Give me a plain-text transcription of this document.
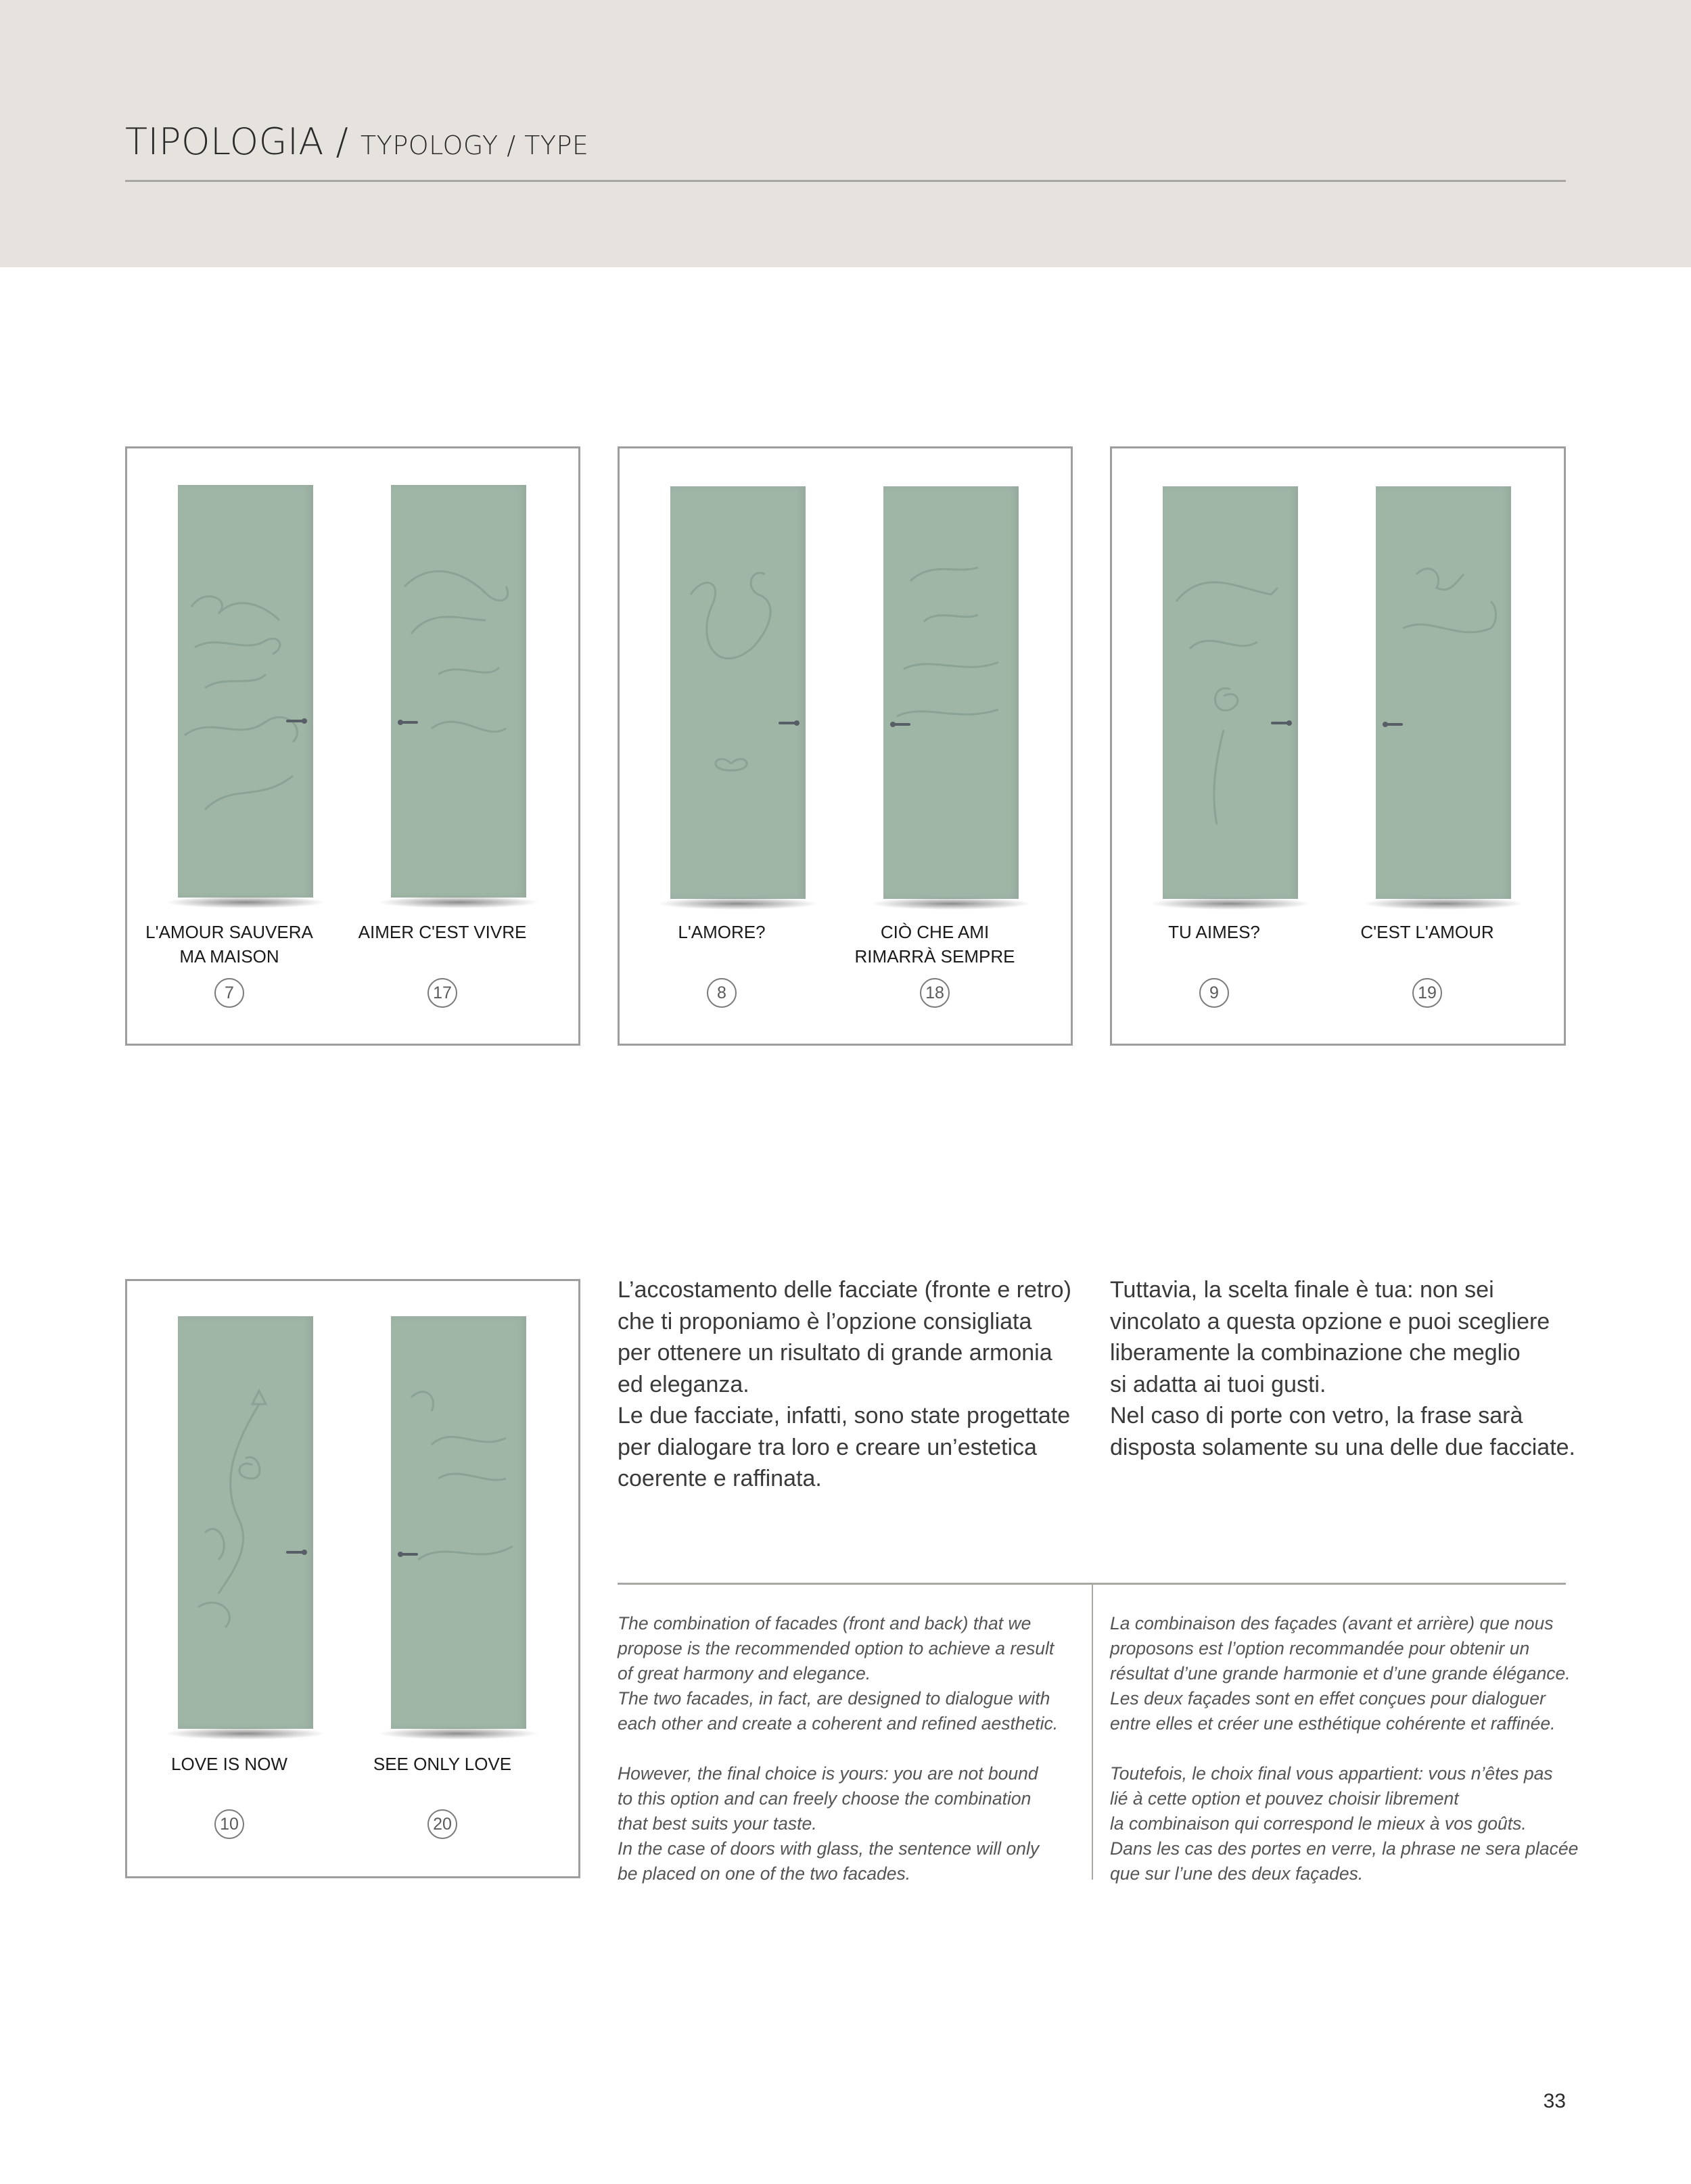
TIPOLOGIA / TYPOLOGY / TYPE
L'AMOUR SAUVERA
MA MAISON
AIMER C'EST VIVRE
7	17
L'AMORE?	CIÒ CHE AMI
RIMARRÀ SEMPRE
8	18
TU AIMES?	C'EST L'AMOUR
9	19
LOVE IS NOW	SEE ONLY LOVE
10	20

L’accostamento delle facciate (fronte e retro)

che ti proponiamo è l’opzione consigliata

per ottenere un risultato di grande armonia

ed eleganza.

Le due facciate, infatti, sono state progettate

per dialogare tra loro e creare un’estetica

coerente e raffinata.

Tuttavia, la scelta finale è tua: non sei

vincolato a questa opzione e puoi scegliere

liberamente la combinazione che meglio

si adatta ai tuoi gusti.

Nel caso di porte con vetro, la frase sarà

disposta solamente su una delle due facciate.

The combination of facades (front and back) that we

propose is the recommended option to achieve a result

of great harmony and elegance.

The two facades, in fact, are designed to dialogue with

each other and create a coherent and refined aesthetic.

However, the final choice is yours: you are not bound

to this option and can freely choose the combination

that best suits your taste.

In the case of doors with glass, the sentence will only

be placed on one of the two facades.

La combinaison des façades (avant et arrière) que nous

proposons est l’option recommandée pour obtenir un

résultat d’une grande harmonie et d’une grande élégance.

Les deux façades sont en effet conçues pour dialoguer

entre elles et créer une esthétique cohérente et raffinée.

Toutefois, le choix final vous appartient: vous n’êtes pas

lié à cette option et pouvez choisir librement

la combinaison qui correspond le mieux à vos goûts.

Dans les cas des portes en verre, la phrase ne sera placée

que sur l’une des deux façades.

33
